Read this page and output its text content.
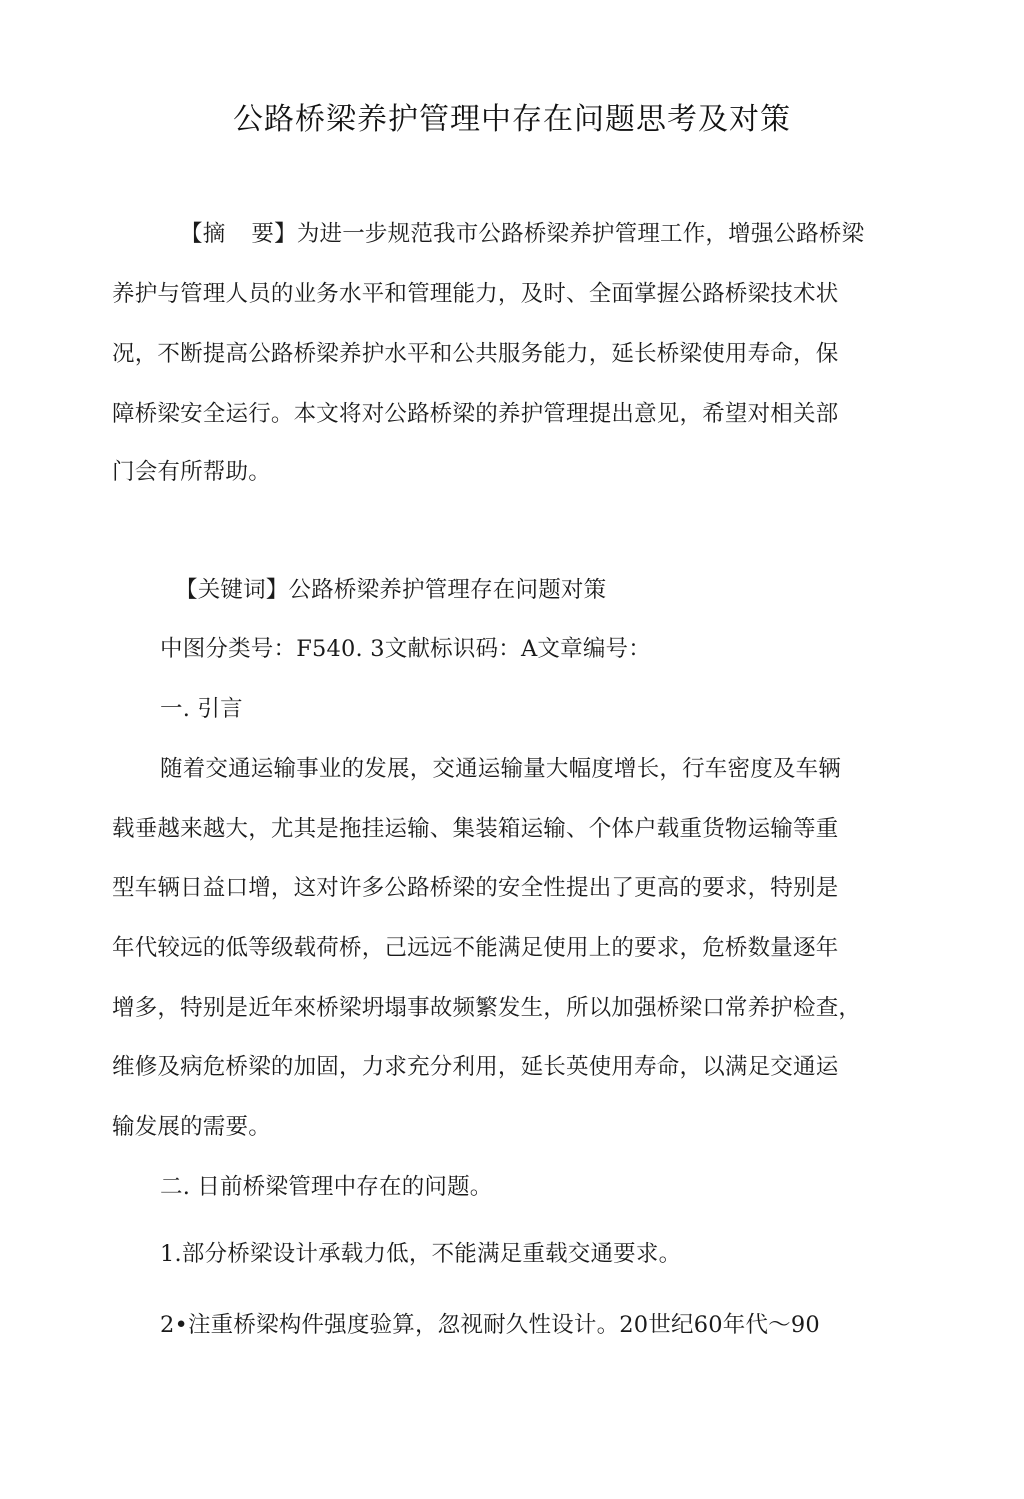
公路桥梁养护管理中存在问题思考及对策
【摘 要】为进一步规范我市公路桥梁养护管理工作，增强公路桥梁
养护与管理人员的业务水平和管理能力，及时、全面掌握公路桥梁技术状
况，不断提高公路桥梁养护水平和公共服务能力，延长桥梁使用寿命，保
障桥梁安全运行。本文将对公路桥梁的养护管理提出意见，希望对相关部
门会有所帮助。
【关键词】公路桥梁养护管理存在问题对策
中图分类号：F540. 3文献标识码：A文章编号：
一. 引言
随着交通运输事业的发展，交通运输量大幅度增长，行车密度及车辆
载垂越来越大，尤其是拖挂运输、集装箱运输、个体户载重货物运输等重
型车辆日益口增，这对许多公路桥梁的安全性提出了更高的要求，特别是
年代较远的低等级载荷桥，己远远不能满足使用上的要求，危桥数量逐年
增多，特别是近年來桥梁坍塌事故频繁发生，所以加强桥梁口常养护检查，
维修及病危桥梁的加固，力求充分利用，延长英使用寿命，以满足交通运
输发展的需要。
二. 日前桥梁管理中存在的问题。
1.部分桥梁设计承载力低，不能满足重载交通要求。
2•注重桥梁构件强度验算，忽视耐久性设计。20世纪60年代～90
